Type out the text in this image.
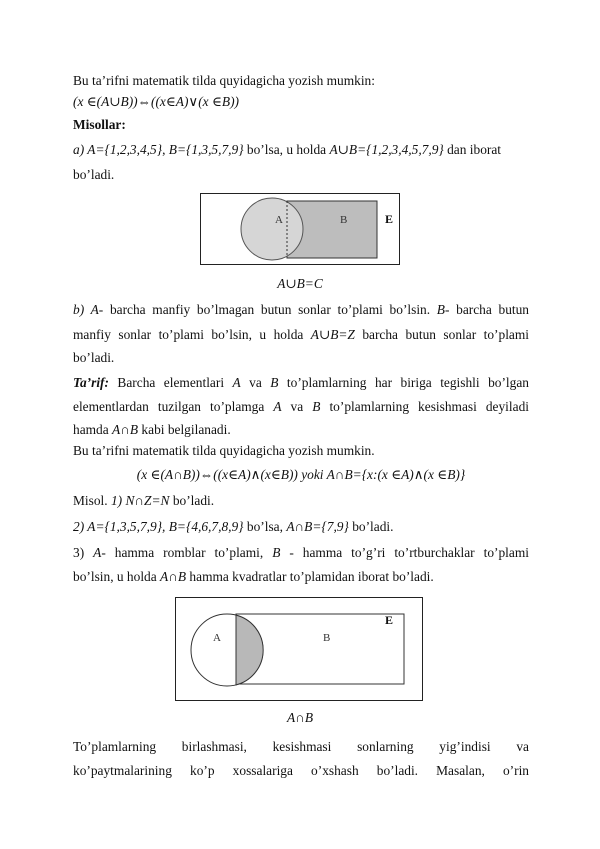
Bu ta’rifni matematik tilda quyidagicha yozish mumkin:
(x ∈(A∪B))⇔((x∈A)∨(x ∈B))
Misollar:
a) A={1,2,3,4,5}, B={1,3,5,7,9} bo’lsa, u holda A∪B={1,2,3,4,5,7,9} dan iborat
bo’ladi.
A	B	E
A∪B=C
b) A- barcha manfiy bo’lmagan butun sonlar to’plami bo’lsin. B- barcha butun
manfiy sonlar to’plami bo’lsin, u holda A∪B=Z barcha butun sonlar to’plami
bo’ladi.
Ta’rif: Barcha elementlari A va B to’plamlarning har biriga tegishli bo’lgan
elementlardan tuzilgan to’plamga A va B to’plamlarning kesishmasi deyiladi
hamda A∩B kabi belgilanadi.
Bu ta’rifni matematik tilda quyidagicha yozish mumkin.
(x ∈(A∩B))⇔((x∈A)∧(x∈B)) yoki A∩B={x:(x ∈A)∧(x ∈B)}
Misol. 1) N∩Z=N bo’ladi.
2) A={1,3,5,7,9}, B={4,6,7,8,9} bo’lsa, A∩B={7,9} bo’ladi.
3) A- hamma romblar to’plami, B - hamma to’g’ri to’rtburchaklar to’plami
bo’lsin, u holda A∩B hamma kvadratlar to’plamidan iborat bo’ladi.
A	B
E
A∩B
To’plamlarning birlashmasi, kesishmasi sonlarning yig’indisi va
ko’paytmalarining ko’p xossalariga o’xshash bo’ladi. Masalan, o’rin
